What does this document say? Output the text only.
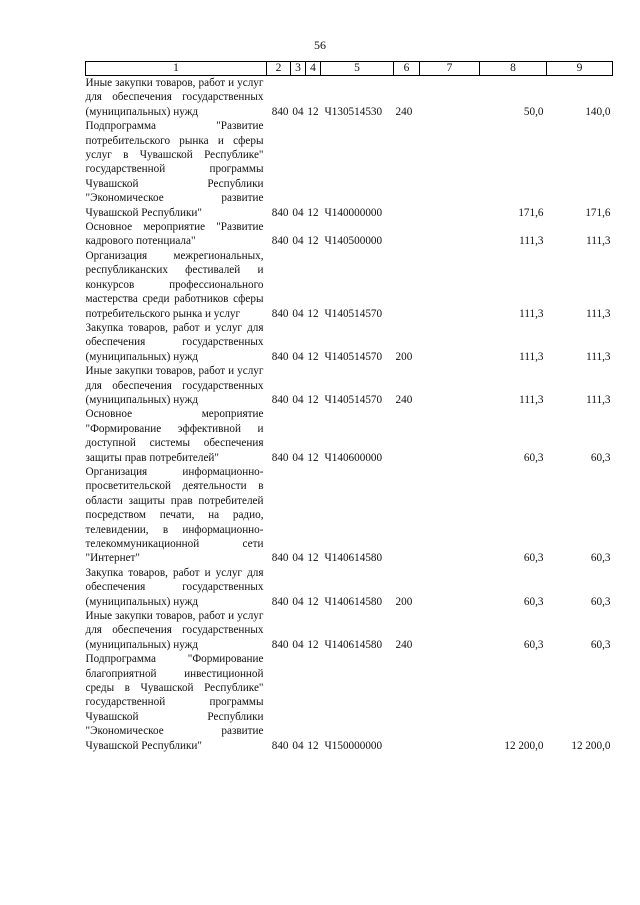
56
1	2	3	4	5	6	7	8	9
Иные закупки товаров, работ и услуг для обеспечения государственных (муниципальных) нужд	840	04	12	Ч130514530	240		50,0	140,0
Подпрограмма "Развитие потребительского рынка и сферы услуг в Чувашской Республике" государственной программы Чувашской Республики "Экономическое развитие Чувашской Республики"	840	04	12	Ч140000000			171,6	171,6
Основное мероприятие "Развитие кадрового потенциала"	840	04	12	Ч140500000			111,3	111,3
Организация межрегиональных, республиканских фестивалей и конкурсов профессионального мастерства среди работников сферы потребительского рынка и услуг	840	04	12	Ч140514570			111,3	111,3
Закупка товаров, работ и услуг для обеспечения государственных (муниципальных) нужд	840	04	12	Ч140514570	200		111,3	111,3
Иные закупки товаров, работ и услуг для обеспечения государственных (муниципальных) нужд	840	04	12	Ч140514570	240		111,3	111,3
Основное мероприятие "Формирование эффективной и доступной системы обеспечения защиты прав потребителей"	840	04	12	Ч140600000			60,3	60,3
Организация информационно-просветительской деятельности в области защиты прав потребителей посредством печати, на радио, телевидении, в информационно-телекоммуникационной сети "Интернет"	840	04	12	Ч140614580			60,3	60,3
Закупка товаров, работ и услуг для обеспечения государственных (муниципальных) нужд	840	04	12	Ч140614580	200		60,3	60,3
Иные закупки товаров, работ и услуг для обеспечения государственных (муниципальных) нужд	840	04	12	Ч140614580	240		60,3	60,3
Подпрограмма "Формирование благоприятной инвестиционной среды в Чувашской Республике" государственной программы Чувашской Республики "Экономическое развитие Чувашской Республики"	840	04	12	Ч150000000			12 200,0	12 200,0
